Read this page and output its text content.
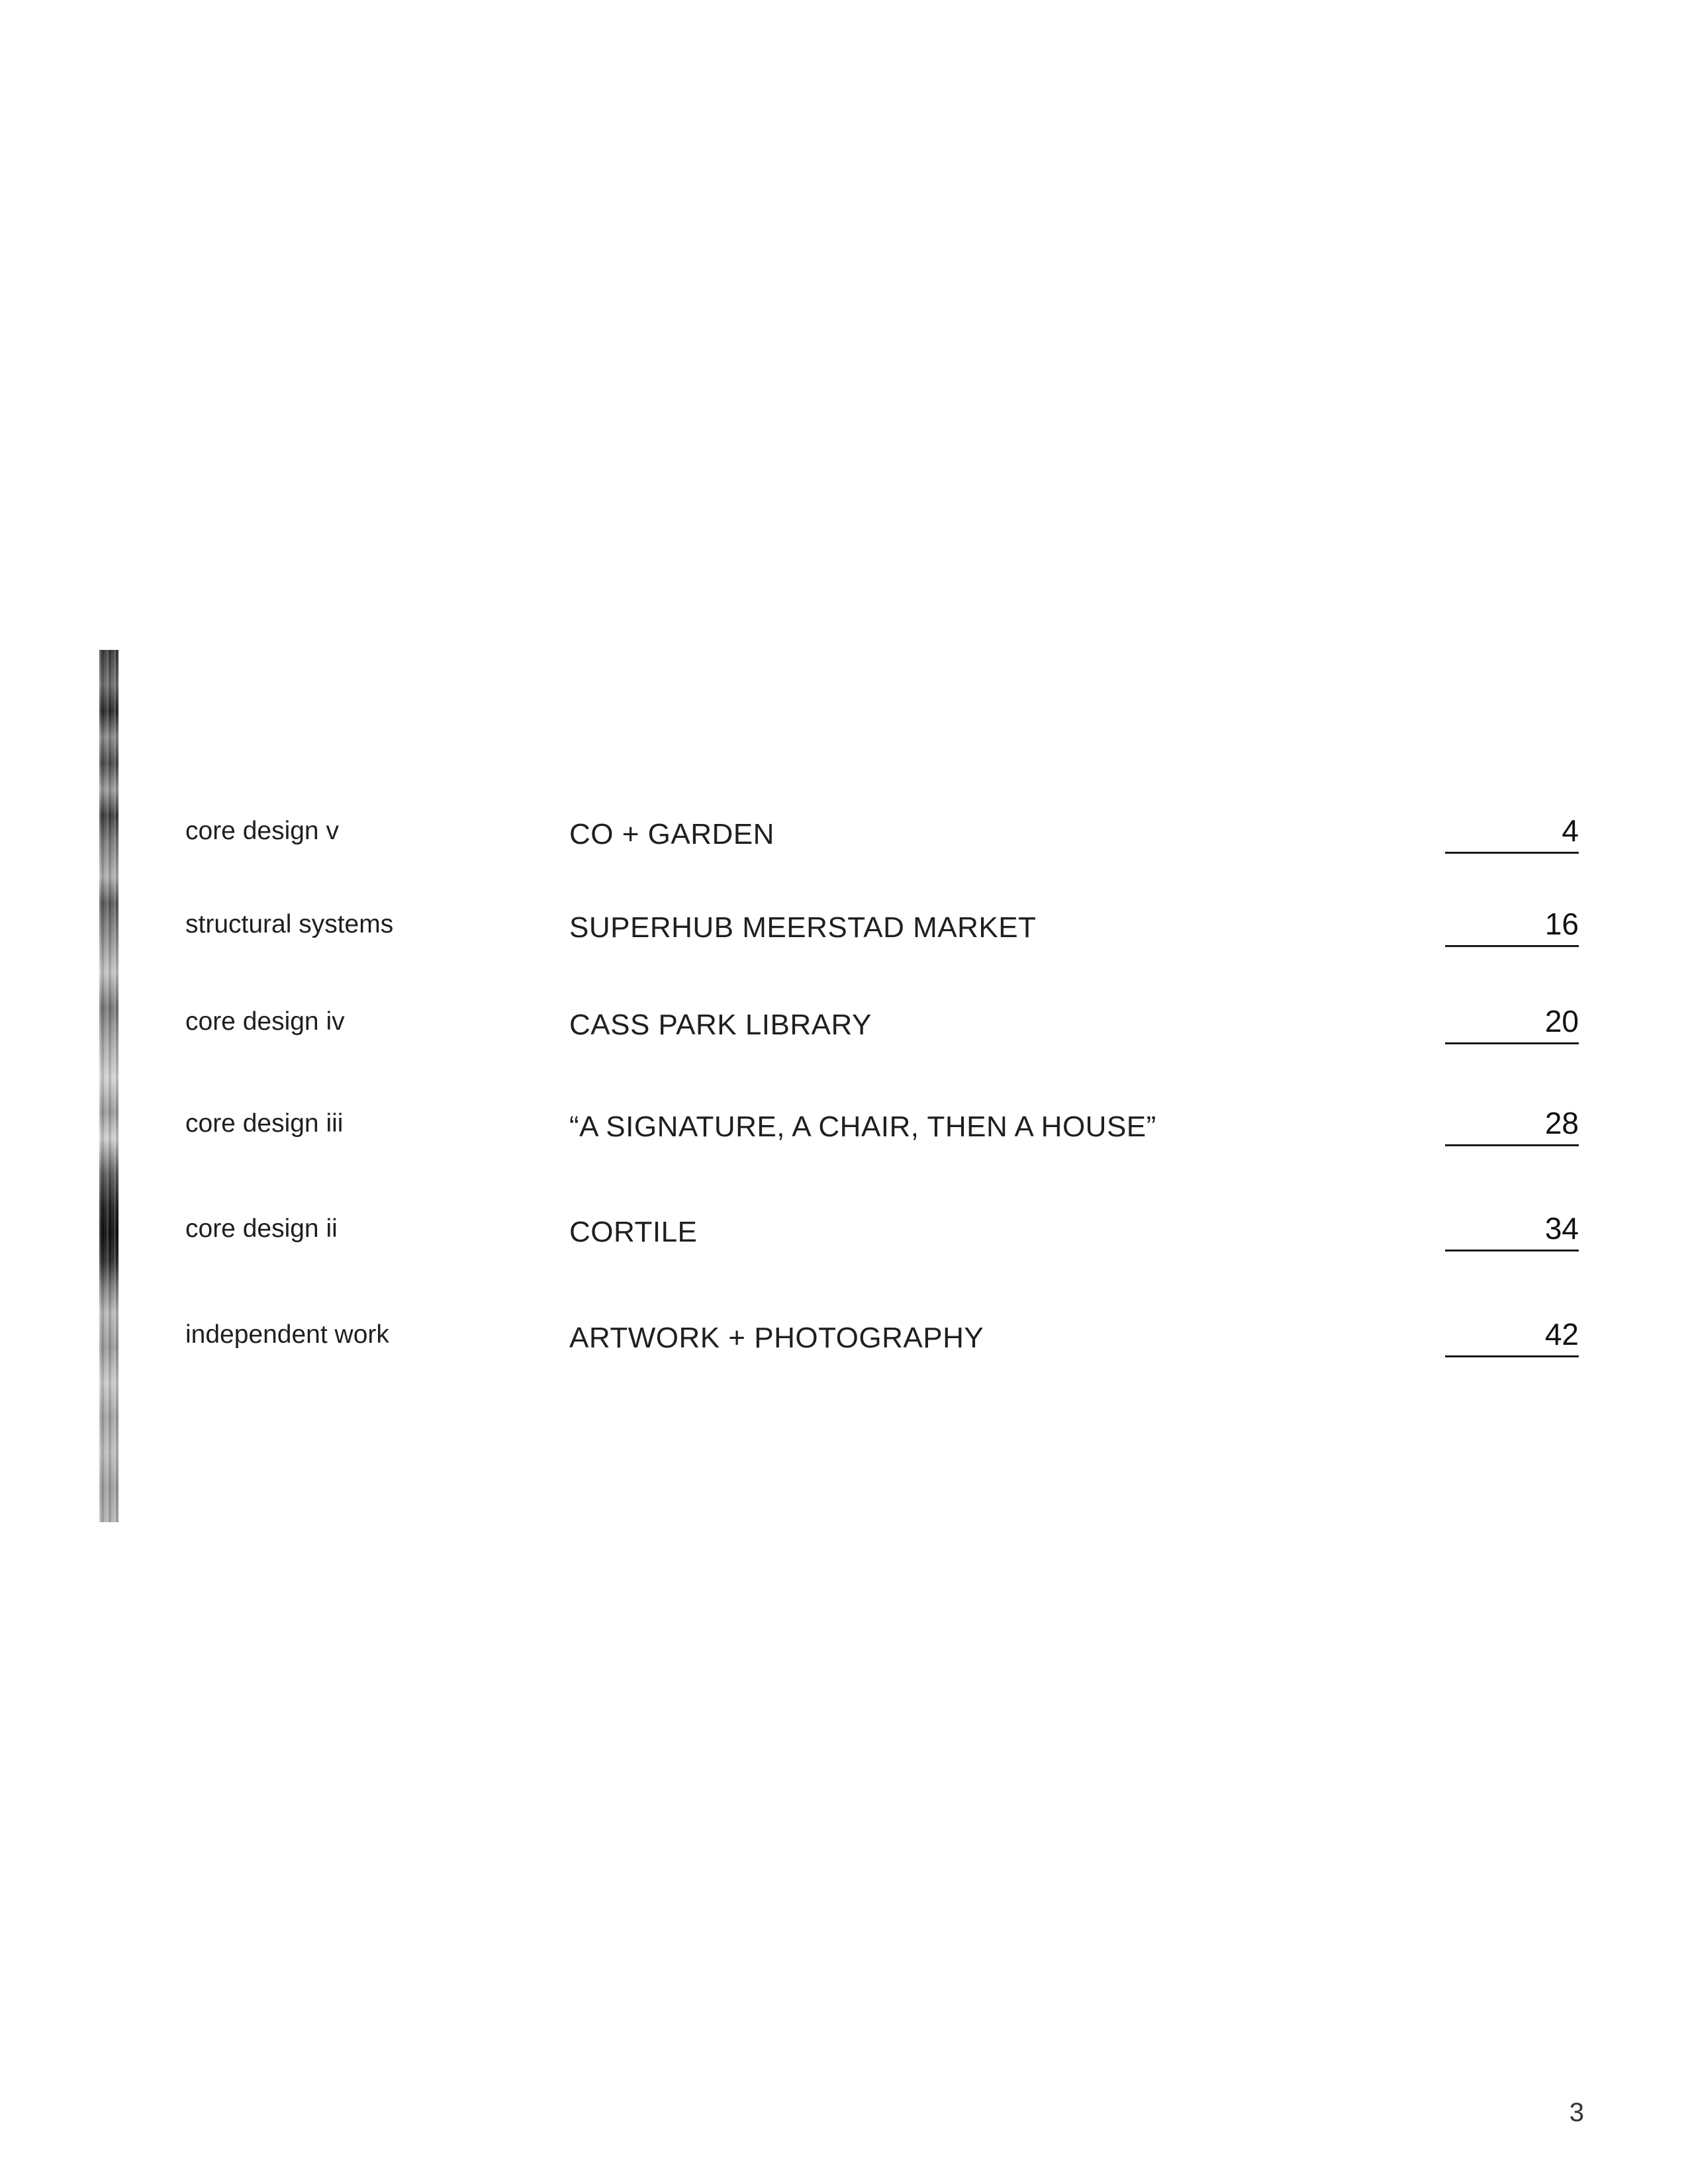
core design v	CO + GARDEN	4
structural systems	SUPERHUB MEERSTAD MARKET	16
core design iv	CASS PARK LIBRARY	20
core design iii	“A SIGNATURE, A CHAIR, THEN A HOUSE”	28
core design ii	CORTILE	34
independent work	ARTWORK + PHOTOGRAPHY	42
3
